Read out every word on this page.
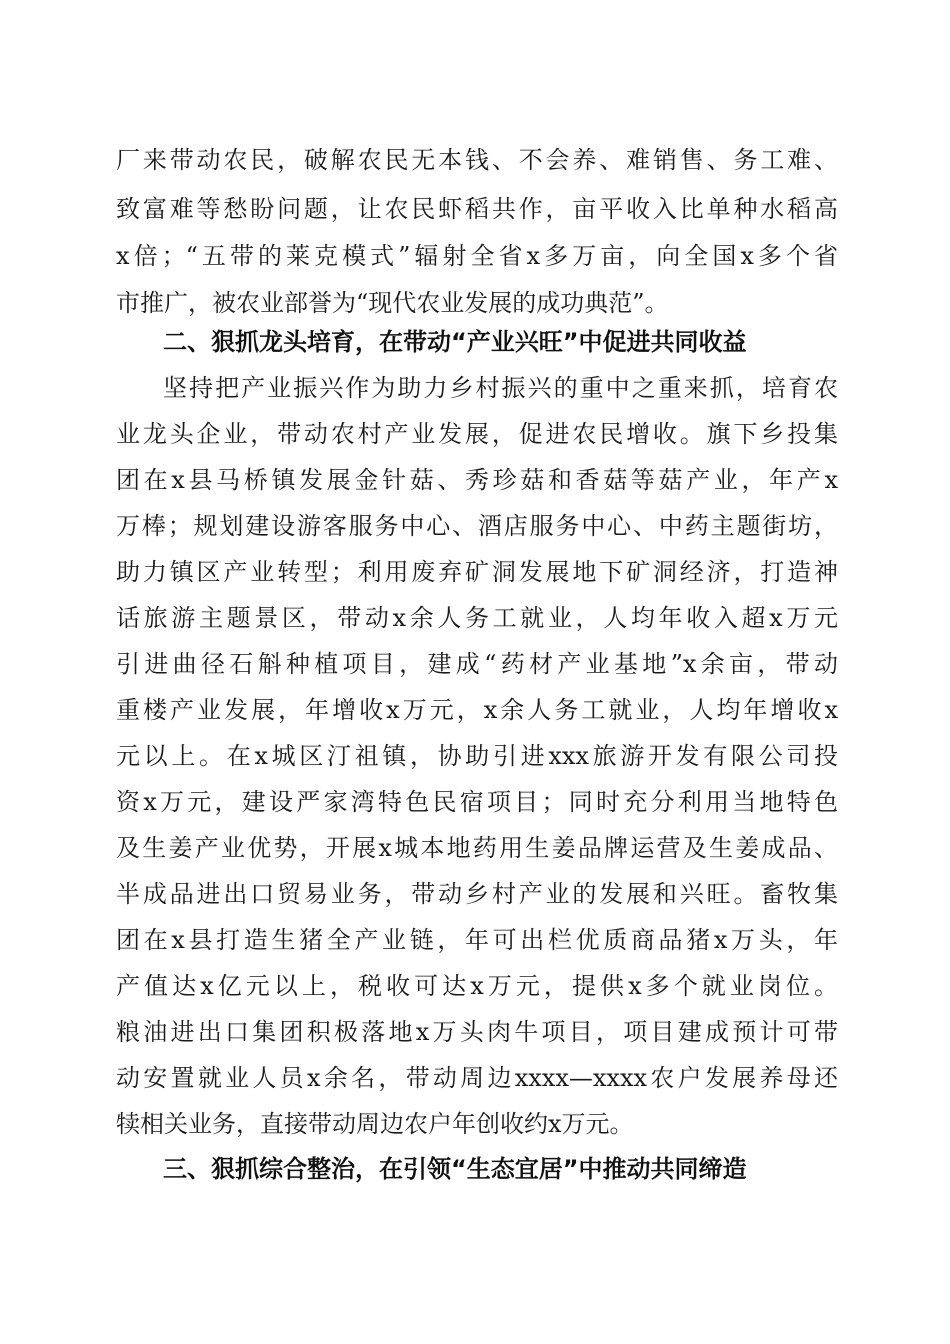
厂来带动农民，破解农民无本钱、不会养、难销售、务工难、
致富难等愁盼问题，让农民虾稻共作，亩平收入比单种水稻高
x倍；“五带的莱克模式”辐射全省x多万亩，向全国x多个省
市推广，被农业部誉为“现代农业发展的成功典范”。
二、狠抓龙头培育，在带动“产业兴旺”中促进共同收益
坚持把产业振兴作为助力乡村振兴的重中之重来抓，培育农
业龙头企业，带动农村产业发展，促进农民增收。旗下乡投集
团在x县马桥镇发展金针菇、秀珍菇和香菇等菇产业，年产x
万棒；规划建设游客服务中心、酒店服务中心、中药主题街坊，
助力镇区产业转型；利用废弃矿洞发展地下矿洞经济，打造神
话旅游主题景区，带动x余人务工就业，人均年收入超x万元
引进曲径石斛种植项目，建成“药材产业基地”x余亩，带动
重楼产业发展，年增收x万元，x余人务工就业，人均年增收x
元以上。在x城区汀祖镇，协助引进xxx旅游开发有限公司投
资x万元，建设严家湾特色民宿项目；同时充分利用当地特色
及生姜产业优势，开展x城本地药用生姜品牌运营及生姜成品、
半成品进出口贸易业务，带动乡村产业的发展和兴旺。畜牧集
团在x县打造生猪全产业链，年可出栏优质商品猪x万头，年
产值达x亿元以上，税收可达x万元，提供x多个就业岗位。
粮油进出口集团积极落地x万头肉牛项目，项目建成预计可带
动安置就业人员x余名，带动周边xxxx—xxxx农户发展养母还
犊相关业务，直接带动周边农户年创收约x万元。
三、狠抓综合整治，在引领“生态宜居”中推动共同缔造
